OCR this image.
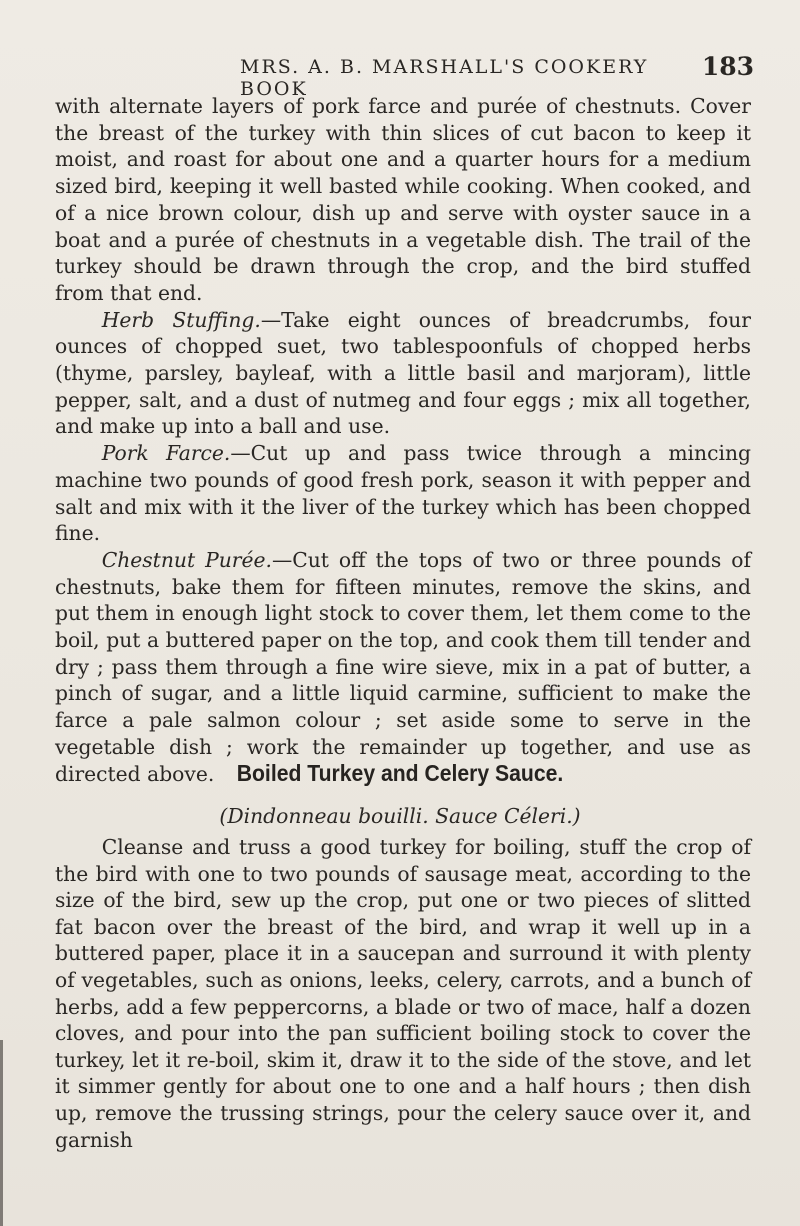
MRS. A. B. MARSHALL'S COOKERY BOOK
183

with alternate layers of pork farce and purée of chestnuts. Cover the breast of the turkey with thin slices of cut bacon to keep it moist, and roast for about one and a quarter hours for a medium sized bird, keeping it well basted while cooking. When cooked, and of a nice brown colour, dish up and serve with oyster sauce in a boat and a purée of chestnuts in a vegetable dish. The trail of the turkey should be drawn through the crop, and the bird stuffed from that end.

Herb Stuffing.—Take eight ounces of breadcrumbs, four ounces of chopped suet, two tablespoonfuls of chopped herbs (thyme, parsley, bayleaf, with a little basil and marjoram), little pepper, salt, and a dust of nutmeg and four eggs ; mix all together, and make up into a ball and use.

Pork Farce.—Cut up and pass twice through a mincing machine two pounds of good fresh pork, season it with pepper and salt and mix with it the liver of the turkey which has been chopped fine.

Chestnut Purée.—Cut off the tops of two or three pounds of chestnuts, bake them for fifteen minutes, remove the skins, and put them in enough light stock to cover them, let them come to the boil, put a buttered paper on the top, and cook them till tender and dry ; pass them through a fine wire sieve, mix in a pat of butter, a pinch of sugar, and a little liquid carmine, sufficient to make the farce a pale salmon colour ; set aside some to serve in the vegetable dish ; work the remainder up together, and use as directed above. Boiled Turkey and Celery Sauce.
(Dindonneau bouilli. Sauce Céleri.)

Cleanse and truss a good turkey for boiling, stuff the crop of the bird with one to two pounds of sausage meat, according to the size of the bird, sew up the crop, put one or two pieces of slitted fat bacon over the breast of the bird, and wrap it well up in a buttered paper, place it in a saucepan and surround it with plenty of vegetables, such as onions, leeks, celery, carrots, and a bunch of herbs, add a few peppercorns, a blade or two of mace, half a dozen cloves, and pour into the pan sufficient boiling stock to cover the turkey, let it re-boil, skim it, draw it to the side of the stove, and let it simmer gently for about one to one and a half hours ; then dish up, remove the trussing strings, pour the celery sauce over it, and garnish
